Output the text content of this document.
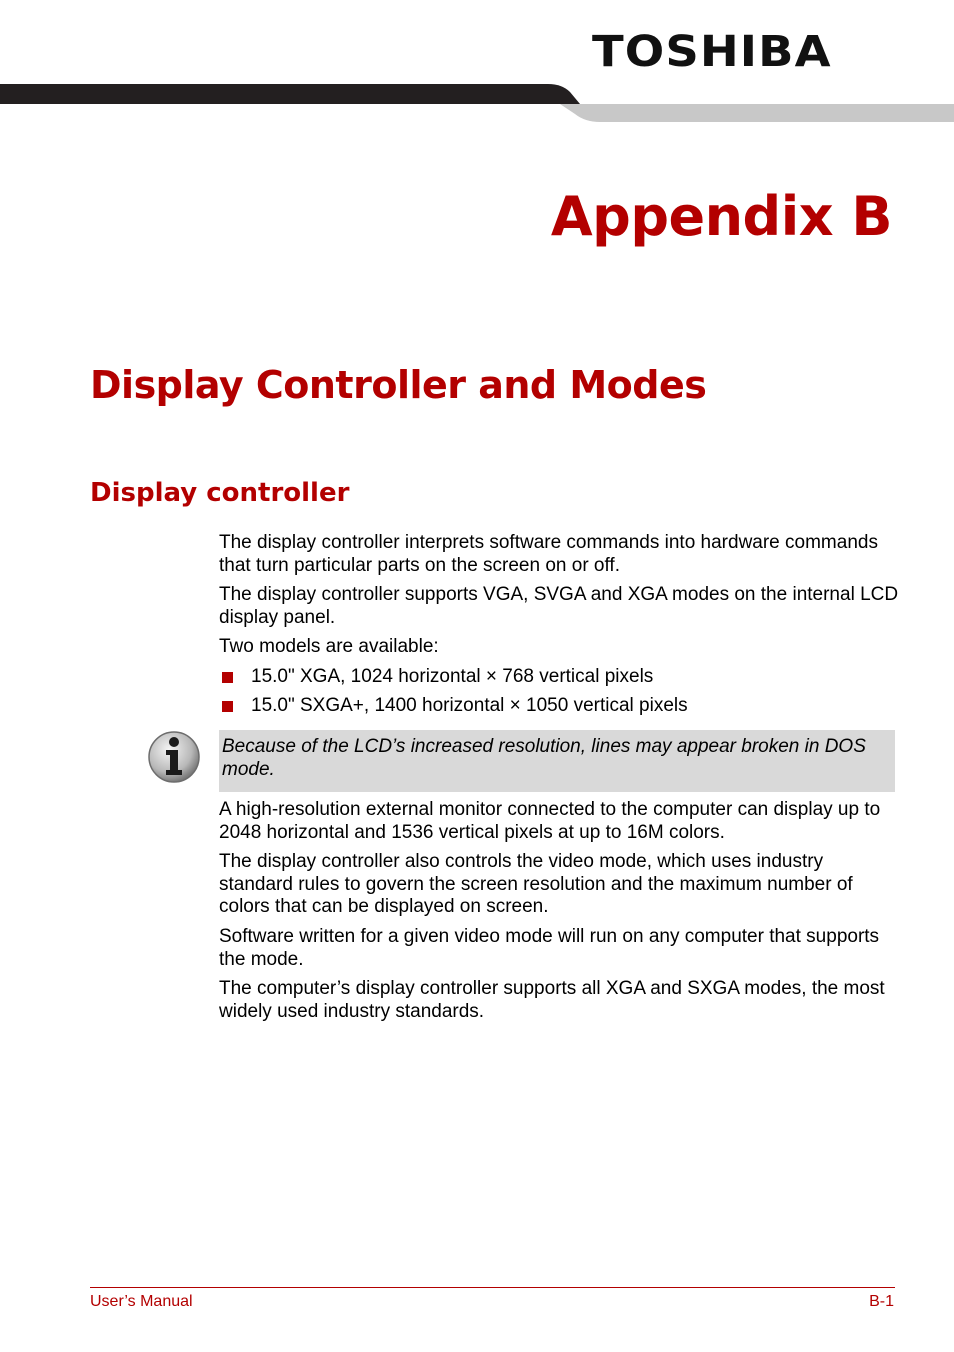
TOSHIBA
Appendix B
Display Controller and Modes
Display controller

The display controller interprets software commands into hardware commands that turn particular parts on the screen on or off.

The display controller supports VGA, SVGA and XGA modes on the internal LCD display panel.

Two models are available:

15.0" XGA, 1024 horizontal × 768 vertical pixels
15.0" SXGA+, 1400 horizontal × 1050 vertical pixels

Because of the LCD’s increased resolution, lines may appear broken in DOS mode.

A high-resolution external monitor connected to the computer can display up to 2048 horizontal and 1536 vertical pixels at up to 16M colors.

The display controller also controls the video mode, which uses industry standard rules to govern the screen resolution and the maximum number of colors that can be displayed on screen.

Software written for a given video mode will run on any computer that supports the mode.

The computer’s display controller supports all XGA and SXGA modes, the most widely used industry standards.

User’s Manual	B-1
